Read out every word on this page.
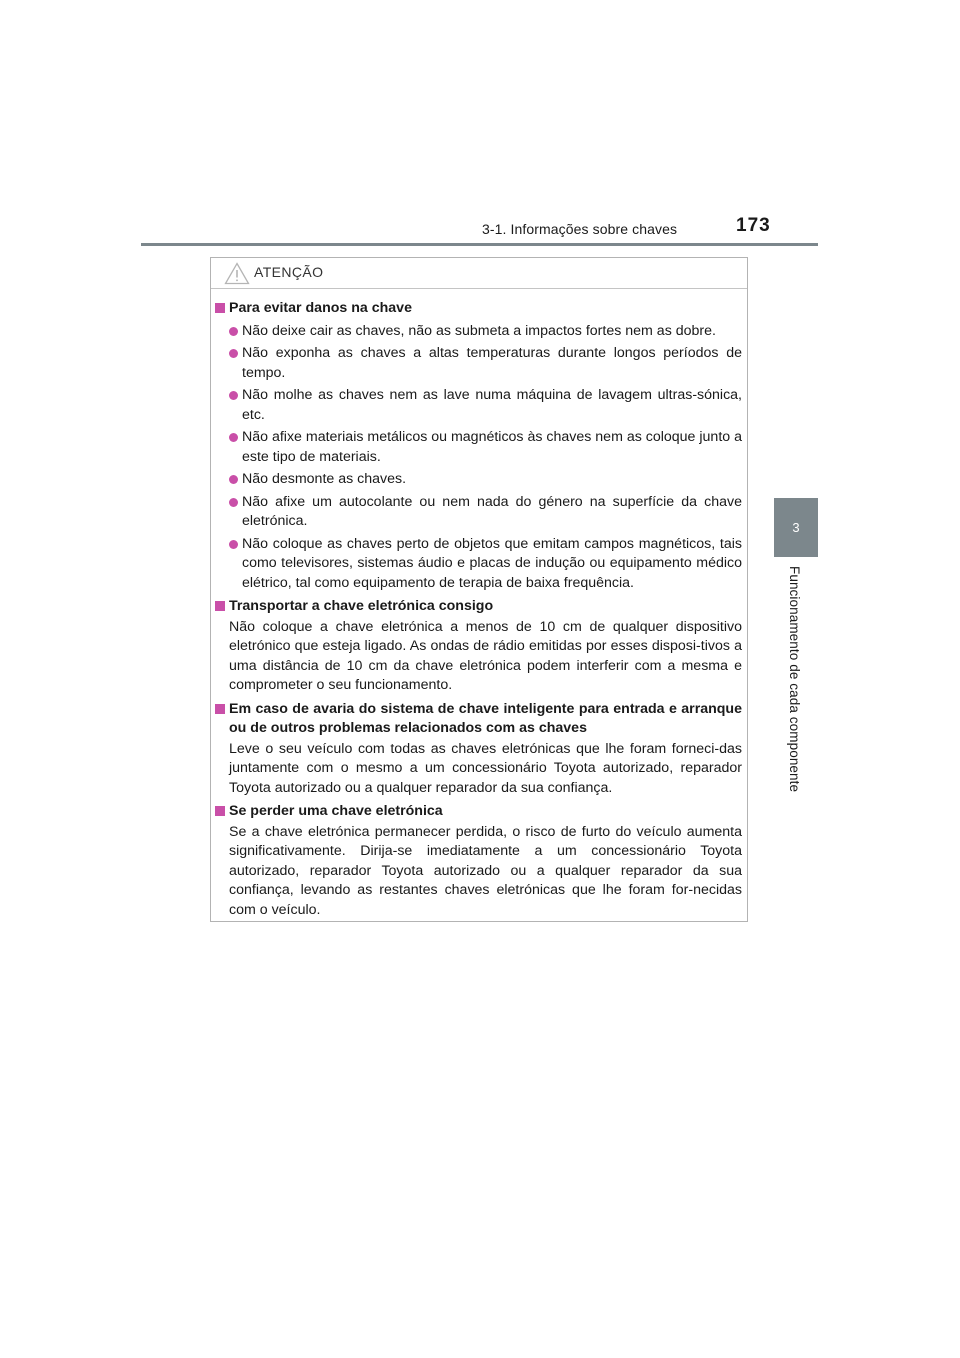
3-1. Informações sobre chaves	173
3
Funcionamento de cada componente
ATENÇÃO
Para evitar danos na chave
Não deixe cair as chaves, não as submeta a impactos fortes nem as dobre.
Não exponha as chaves a altas temperaturas durante longos períodos de tempo.
Não molhe as chaves nem as lave numa máquina de lavagem ultras-sónica, etc.
Não afixe materiais metálicos ou magnéticos às chaves nem as coloque junto a este tipo de materiais.
Não desmonte as chaves.
Não afixe um autocolante ou nem nada do género na superfície da chave eletrónica.
Não coloque as chaves perto de objetos que emitam campos magnéticos, tais como televisores, sistemas áudio e placas de indução ou equipamento médico elétrico, tal como equipamento de terapia de baixa frequência.
Transportar a chave eletrónica consigo
Não coloque a chave eletrónica a menos de 10 cm de qualquer dispositivo eletrónico que esteja ligado. As ondas de rádio emitidas por esses disposi-tivos a uma distância de 10 cm da chave eletrónica podem interferir com a mesma e comprometer o seu funcionamento.
Em caso de avaria do sistema de chave inteligente para entrada e arranque ou de outros problemas relacionados com as chaves
Leve o seu veículo com todas as chaves eletrónicas que lhe foram forneci-das juntamente com o mesmo a um concessionário Toyota autorizado, reparador Toyota autorizado ou a qualquer reparador da sua confiança.
Se perder uma chave eletrónica
Se a chave eletrónica permanecer perdida, o risco de furto do veículo aumenta significativamente. Dirija-se imediatamente a um concessionário Toyota autorizado, reparador Toyota autorizado ou a qualquer reparador da sua confiança, levando as restantes chaves eletrónicas que lhe foram for-necidas com o veículo.
